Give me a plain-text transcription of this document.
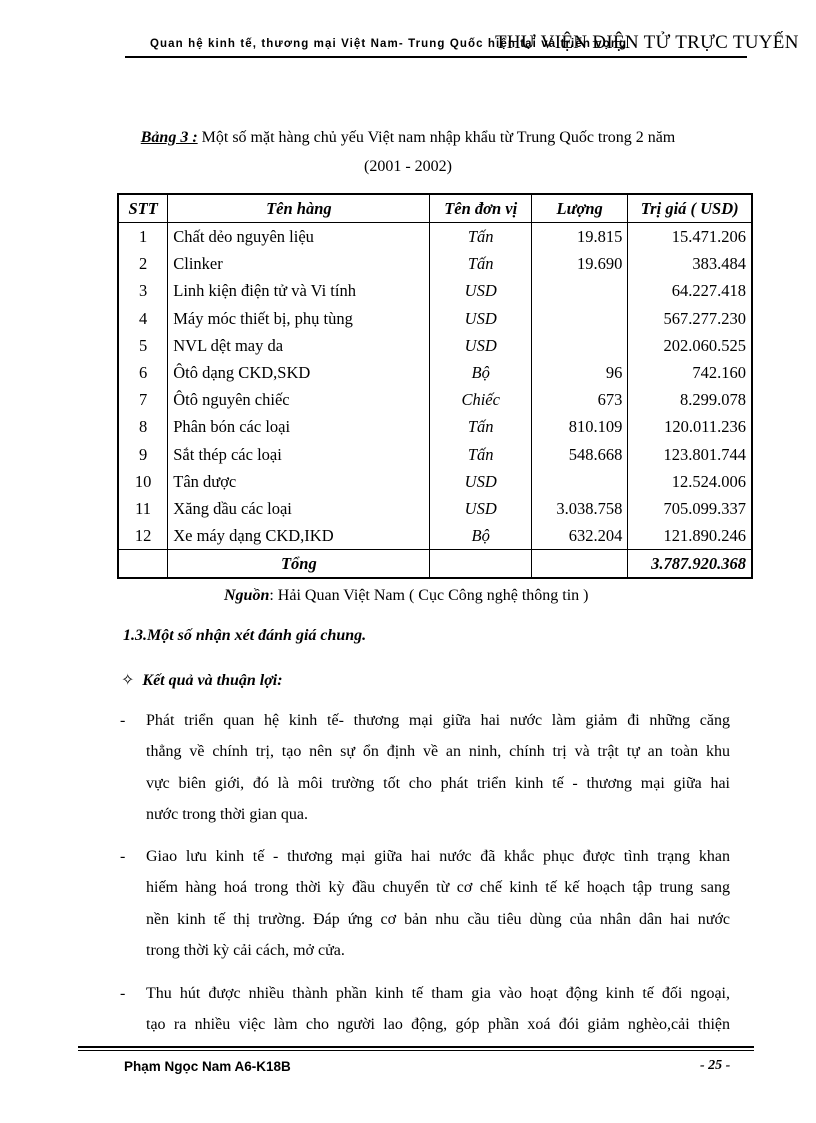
Quan hệ kinh tế, thương mại Việt Nam- Trung Quốc hiện tại và triển vọng
THƯ VIỆN ĐIỆN TỬ TRỰC TUYẾN
Bảng 3 : Một số mặt hàng chủ yếu Việt nam nhập khẩu từ Trung Quốc trong 2 năm
(2001 - 2002)
STT	Tên hàng	Tên đơn vị	Lượng	Trị giá ( USD)
1	Chất dẻo nguyên liệu	Tấn	19.815	15.471.206
2	Clinker	Tấn	19.690	383.484
3	Linh kiện điện tử và Vi tính	USD		64.227.418
4	Máy móc thiết bị, phụ tùng	USD		567.277.230
5	NVL dệt may da	USD		202.060.525
6	Ôtô dạng CKD,SKD	Bộ	96	742.160
7	Ôtô nguyên chiếc	Chiếc	673	8.299.078
8	Phân bón các loại	Tấn	810.109	120.011.236
9	Sắt thép các loại	Tấn	548.668	123.801.744
10	Tân dược	USD		12.524.006
11	Xăng dầu các loại	USD	3.038.758	705.099.337
12	Xe máy dạng CKD,IKD	Bộ	632.204	121.890.246
	Tổng			3.787.920.368
Nguồn: Hải Quan Việt Nam ( Cục Công nghệ thông tin )
1.3.Một số nhận xét đánh giá chung.
✧ Kết quả và thuận lợi:
- Phát triển quan hệ kinh tế- thương mại giữa hai nước làm giảm đi những căng
thẳng về chính trị, tạo nên sự ổn định về an ninh, chính trị và trật tự an toàn khu
vực biên giới, đó là môi trường tốt cho phát triển kinh tế - thương mại giữa hai
nước trong thời gian qua.
- Giao lưu kinh tế - thương mại giữa hai nước đã khắc phục được tình trạng khan
hiếm hàng hoá trong thời kỳ đầu chuyển từ cơ chế kinh tế kế hoạch tập trung sang
nền kinh tế thị trường. Đáp ứng cơ bản nhu cầu tiêu dùng của nhân dân hai nước
trong thời kỳ cải cách, mở cửa.
- Thu hút được nhiều thành phần kinh tế tham gia vào hoạt động kinh tế đối ngoại,
tạo ra nhiều việc làm cho người lao động, góp phần xoá đói giảm nghèo,cải thiện
Phạm Ngọc Nam A6-K18B	- 25 -
